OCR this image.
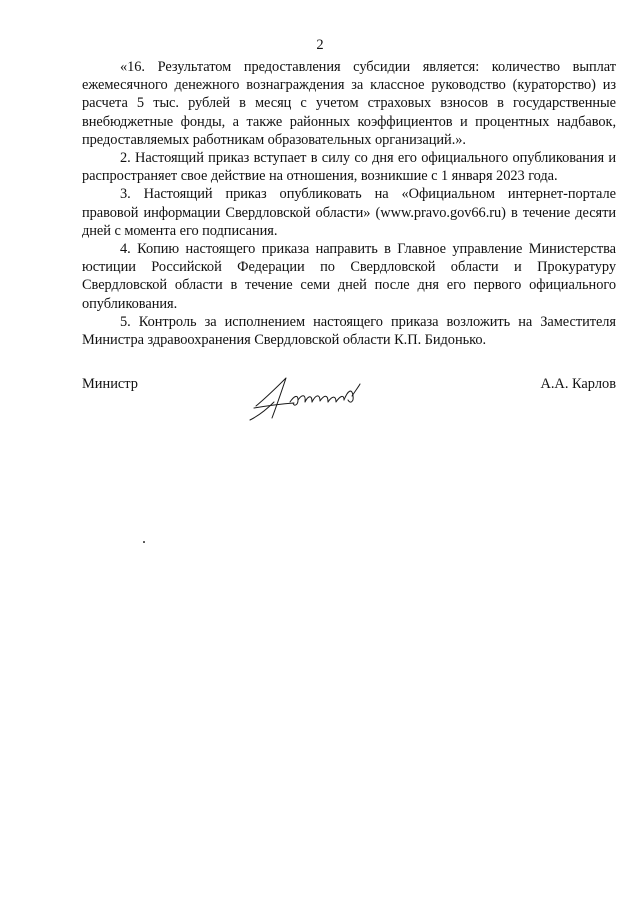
2

«16. Результатом предоставления субсидии является: количество выплат ежемесячного денежного вознаграждения за классное руководство (кураторство) из расчета 5 тыс. рублей в месяц с учетом страховых взносов в государственные внебюджетные фонды, а также районных коэффициентов и процентных надбавок, предоставляемых работникам образовательных организаций.».

2. Настоящий приказ вступает в силу со дня его официального опубликования и распространяет свое действие на отношения, возникшие с 1 января 2023 года.

3. Настоящий приказ опубликовать на «Официальном интернет-портале правовой информации Свердловской области» (www.pravo.gov66.ru) в течение десяти дней с момента его подписания.

4. Копию настоящего приказа направить в Главное управление Министерства юстиции Российской Федерации по Свердловской области и Прокуратуру Свердловской области в течение семи дней после дня его первого официального опубликования.

5. Контроль за исполнением настоящего приказа возложить на Заместителя Министра здравоохранения Свердловской области К.П. Бидонько.

Министр	А.А. Карлов
